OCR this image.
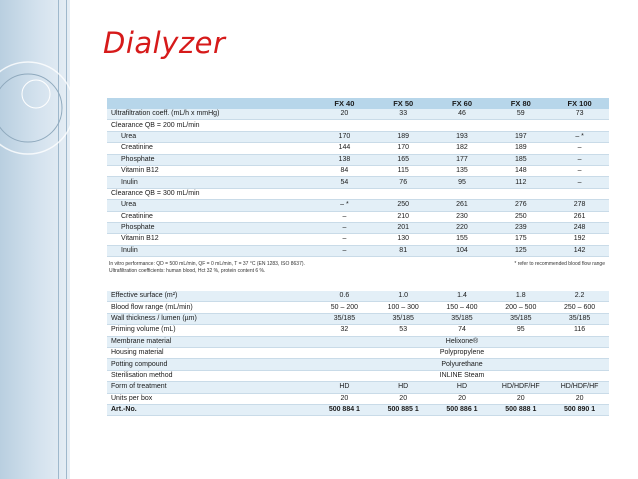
Dialyzer
	FX 40	FX 50	FX 60	FX 80	FX 100
Ultrafiltration coeff. (mL/h x mmHg)	20	33	46	59	73
Clearance QB = 200 mL/min					
Urea	170	189	193	197	– *
Creatinine	144	170	182	189	–
Phosphate	138	165	177	185	–
Vitamin B12	84	115	135	148	–
Inulin	54	76	95	112	–
Clearance QB = 300 mL/min					
Urea	– *	250	261	276	278
Creatinine	–	210	230	250	261
Phosphate	–	201	220	239	248
Vitamin B12	–	130	155	175	192
Inulin	–	81	104	125	142
In vitro performance: QD = 500 mL/min, QF = 0 mL/min, T = 37 °C (EN 1283, ISO 8637).
Ultrafiltration coefficients: human blood, Hct 32 %, protein content 6 %.
* refer to recommended blood flow range
Effective surface (m²)	0.6	1.0	1.4	1.8	2.2
Blood flow range (mL/min)	50 – 200	100 – 300	150 – 400	200 – 500	250 – 600
Wall thickness / lumen (µm)	35/185	35/185	35/185	35/185	35/185
Priming volume (mL)	32	53	74	95	116
Membrane material	Helixone®				
Housing material	Polypropylene				
Potting compound	Polyurethane				
Sterilisation method	INLINE Steam				
Form of treatment	HD	HD	HD	HD/HDF/HF	HD/HDF/HF
Units per box	20	20	20	20	20
Art.-No.	500 884 1	500 885 1	500 886 1	500 888 1	500 890 1
